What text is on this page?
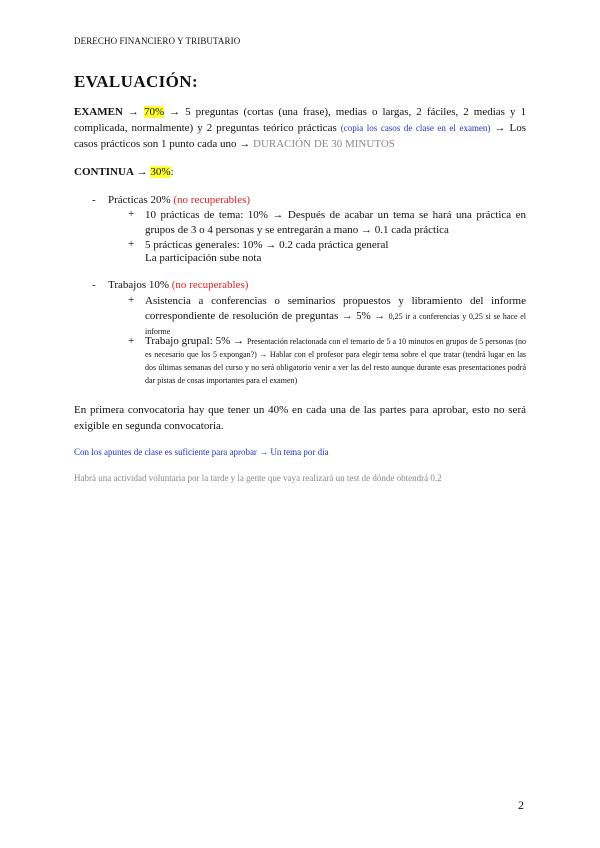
DERECHO FINANCIERO Y TRIBUTARIO
EVALUACIÓN:
EXAMEN → 70% → 5 preguntas (cortas (una frase), medias o largas, 2 fáciles, 2 medias y 1 complicada, normalmente) y 2 preguntas teórico prácticas (copia los casos de clase en el examen) → Los casos prácticos son 1 punto cada uno → DURACIÓN DE 30 MINUTOS
CONTINUA → 30%:
- Prácticas 20% (no recuperables)
+ 10 prácticas de tema: 10% → Después de acabar un tema se hará una práctica en grupos de 3 o 4 personas y se entregarán a mano → 0.1 cada práctica
+ 5 prácticas generales: 10% → 0.2 cada práctica general
La participación sube nota
- Trabajos 10% (no recuperables)
+ Asistencia a conferencias o seminarios propuestos y libramiento del informe correspondiente de resolución de preguntas → 5% → 0,25 ir a conferencias y 0,25 si se hace el informe
+ Trabajo grupal: 5% → Presentación relacionada con el temario de 5 a 10 minutos en grupos de 5 personas (no es necesario que los 5 expongan?) → Hablar con el profesor para elegir tema sobre el que tratar (tendrá lugar en las dos últimas semanas del curso y no será obligatorio venir a ver las del resto aunque durante esas presentaciones podrá dar pistas de cosas importantes para el examen)
En primera convocatoria hay que tener un 40% en cada una de las partes para aprobar, esto no será exigible en segunda convocatoria.
Con los apuntes de clase es suficiente para aprobar → Un tema por día
Habrá una actividad voluntaria por la tarde y la gente que vaya realizará un test de dónde obtendrá 0.2
2
